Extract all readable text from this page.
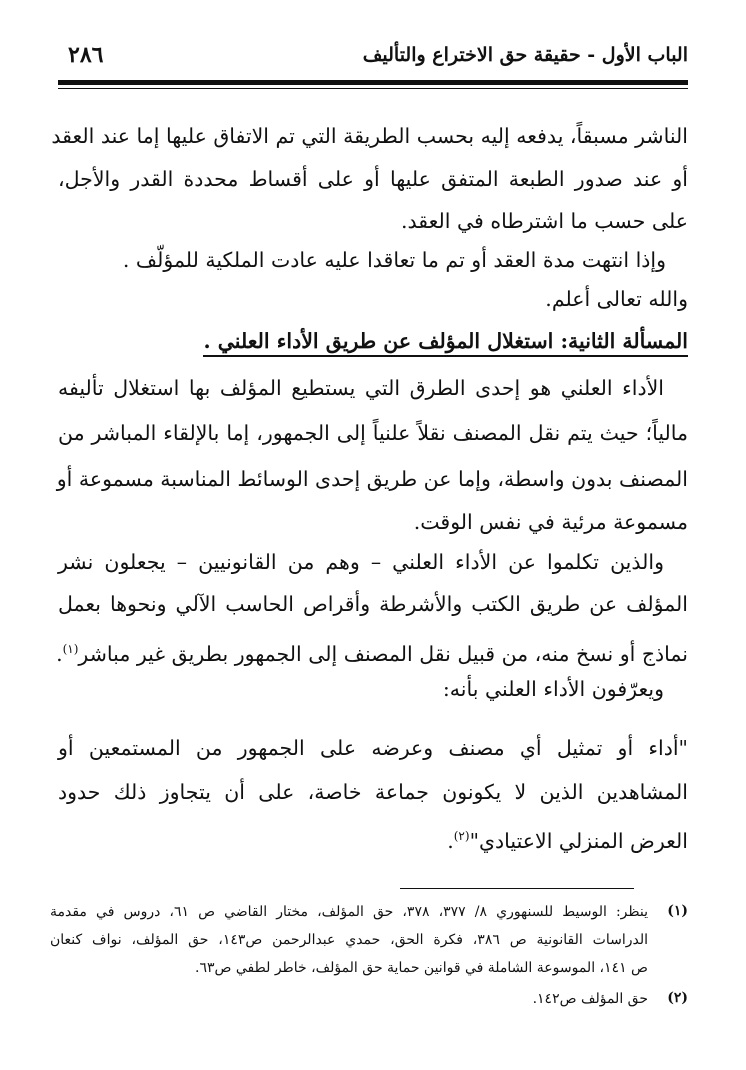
الباب الأول - حقيقة حق الاختراع والتأليف
٢٨٦
الناشر مسبقاً، يدفعه إليه بحسب الطريقة التي تم الاتفاق عليها إما عند العقد
أو عند صدور الطبعة المتفق عليها أو على أقساط محددة القدر والأجل،
على حسب ما اشترطاه في العقد.
وإذا انتهت مدة العقد أو تم ما تعاقدا عليه عادت الملكية للمؤلّف .
والله تعالى أعلم.
المسألة الثانية: استغلال المؤلف عن طريق الأداء العلني .
الأداء العلني هو إحدى الطرق التي يستطيع المؤلف بها استغلال تأليفه
مالياً؛ حيث يتم نقل المصنف نقلاً علنياً إلى الجمهور، إما بالإلقاء المباشر من
المصنف بدون واسطة، وإما عن طريق إحدى الوسائط المناسبة مسموعة أو
مسموعة مرئية في نفس الوقت.
والذين تكلموا عن الأداء العلني – وهم من القانونيين – يجعلون نشر
المؤلف عن طريق الكتب والأشرطة وأقراص الحاسب الآلي ونحوها بعمل
نماذج أو نسخ منه، من قبيل نقل المصنف إلى الجمهور بطريق غير مباشر$^{(١)}$.
ويعرّفون الأداء العلني بأنه:
"أداء أو تمثيل أي مصنف وعرضه على الجمهور من المستمعين أو
المشاهدين الذين لا يكونون جماعة خاصة، على أن يتجاوز ذلك حدود
العرض المنزلي الاعتيادي"$^{(٢)}$.
(١)
ينظر: الوسيط للسنهوري ٨/ ٣٧٧، ٣٧٨، حق المؤلف، مختار القاضي ص ٦١، دروس في مقدمة
الدراسات القانونية ص ٣٨٦، فكرة الحق، حمدي عبدالرحمن ص١٤٣، حق المؤلف، نواف كنعان
ص ١٤١، الموسوعة الشاملة في قوانين حماية حق المؤلف، خاطر لطفي ص٦٣.
(٢)
حق المؤلف ص١٤٢.
